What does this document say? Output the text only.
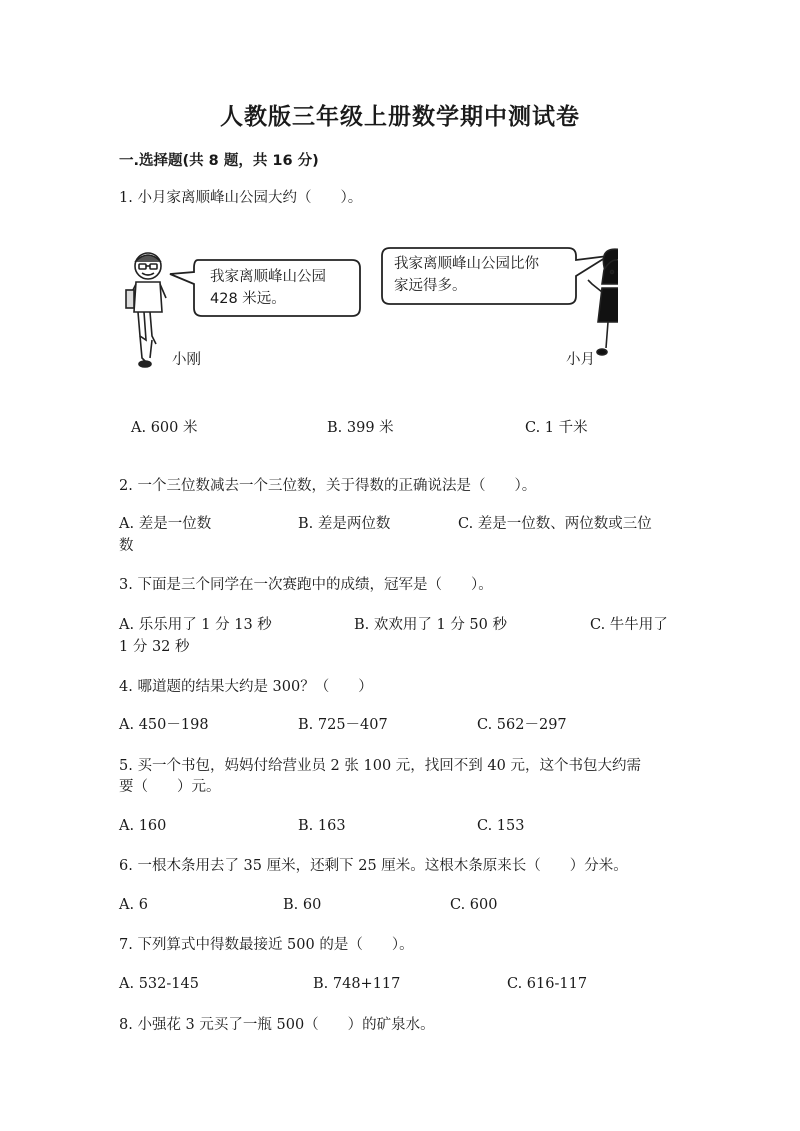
人教版三年级上册数学期中测试卷
一.选择题(共 8 题，共 16 分)
1. 小月家离顺峰山公园大约（　　）。
我家离顺峰山公园
428 米远。
我家离顺峰山公园比你
家远得多。
小刚	小月
A. 600 米	B. 399 米	C. 1 千米
2. 一个三位数减去一个三位数，关于得数的正确说法是（　　）。
A. 差是一位数	B. 差是两位数	C. 差是一位数、两位数或三位
数
3. 下面是三个同学在一次赛跑中的成绩，冠军是（　　）。
A. 乐乐用了 1 分 13 秒	B. 欢欢用了 1 分 50 秒	C. 牛牛用了
1 分 32 秒
4. 哪道题的结果大约是 300？（　　）
A. 450－198	B. 725－407	C. 562－297
5. 买一个书包，妈妈付给营业员 2 张 100 元，找回不到 40 元，这个书包大约需
要（　　）元。
A. 160	B. 163	C. 153
6. 一根木条用去了 35 厘米，还剩下 25 厘米。这根木条原来长（　　）分米。
A. 6	B. 60	C. 600
7. 下列算式中得数最接近 500 的是（　　）。
A. 532-145	B. 748+117	C. 616-117
8. 小强花 3 元买了一瓶 500（　　）的矿泉水。
